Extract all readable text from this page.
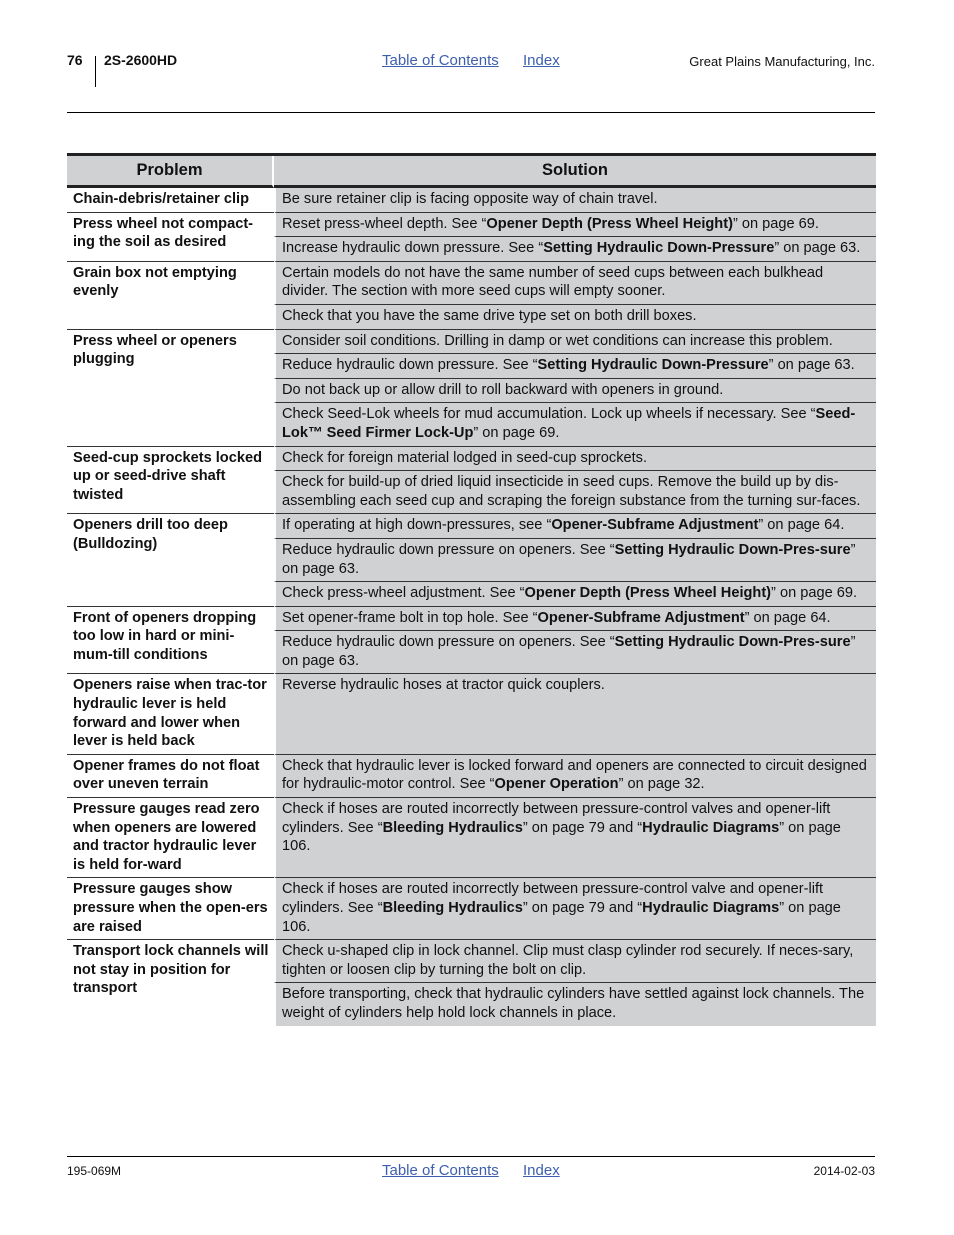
76 2S-2600HD	Table of Contents Index	Great Plains Manufacturing, Inc.
Problem	Solution
Chain-debris/retainer clip	Be sure retainer clip is facing opposite way of chain travel.
Press wheel not compact-ing the soil as desired	Reset press-wheel depth. See “Opener Depth (Press Wheel Height)” on page 69.
	Increase hydraulic down pressure. See “Setting Hydraulic Down-Pressure” on page 63.
Grain box not emptying evenly	Certain models do not have the same number of seed cups between each bulkhead divider. The section with more seed cups will empty sooner.
	Check that you have the same drive type set on both drill boxes.
Press wheel or openers plugging	Consider soil conditions. Drilling in damp or wet conditions can increase this problem.
	Reduce hydraulic down pressure. See “Setting Hydraulic Down-Pressure” on page 63.
	Do not back up or allow drill to roll backward with openers in ground.
	Check Seed-Lok wheels for mud accumulation. Lock up wheels if necessary. See “Seed-Lok™ Seed Firmer Lock-Up” on page 69.
Seed-cup sprockets locked up or seed-drive shaft twisted	Check for foreign material lodged in seed-cup sprockets.
	Check for build-up of dried liquid insecticide in seed cups. Remove the build up by dis-assembling each seed cup and scraping the foreign substance from the turning sur-faces.
Openers drill too deep (Bulldozing)	If operating at high down-pressures, see “Opener-Subframe Adjustment” on page 64.
	Reduce hydraulic down pressure on openers. See “Setting Hydraulic Down-Pres-sure” on page 63.
	Check press-wheel adjustment. See “Opener Depth (Press Wheel Height)” on page 69.
Front of openers dropping too low in hard or mini-mum-till conditions	Set opener-frame bolt in top hole. See “Opener-Subframe Adjustment” on page 64.
	Reduce hydraulic down pressure on openers. See “Setting Hydraulic Down-Pres-sure” on page 63.
Openers raise when trac-tor hydraulic lever is held forward and lower when lever is held back	Reverse hydraulic hoses at tractor quick couplers.
Opener frames do not float over uneven terrain	Check that hydraulic lever is locked forward and openers are connected to circuit designed for hydraulic-motor control. See “Opener Operation” on page 32.
Pressure gauges read zero when openers are lowered and tractor hydraulic lever is held for-ward	Check if hoses are routed incorrectly between pressure-control valves and opener-lift cylinders. See “Bleeding Hydraulics” on page 79 and “Hydraulic Diagrams” on page 106.
Pressure gauges show pressure when the open-ers are raised	Check if hoses are routed incorrectly between pressure-control valve and opener-lift cylinders. See “Bleeding Hydraulics” on page 79 and “Hydraulic Diagrams” on page 106.
Transport lock channels will not stay in position for transport	Check u-shaped clip in lock channel. Clip must clasp cylinder rod securely. If neces-sary, tighten or loosen clip by turning the bolt on clip.
	Before transporting, check that hydraulic cylinders have settled against lock channels. The weight of cylinders help hold lock channels in place.
195-069M	Table of Contents Index	2014-02-03
